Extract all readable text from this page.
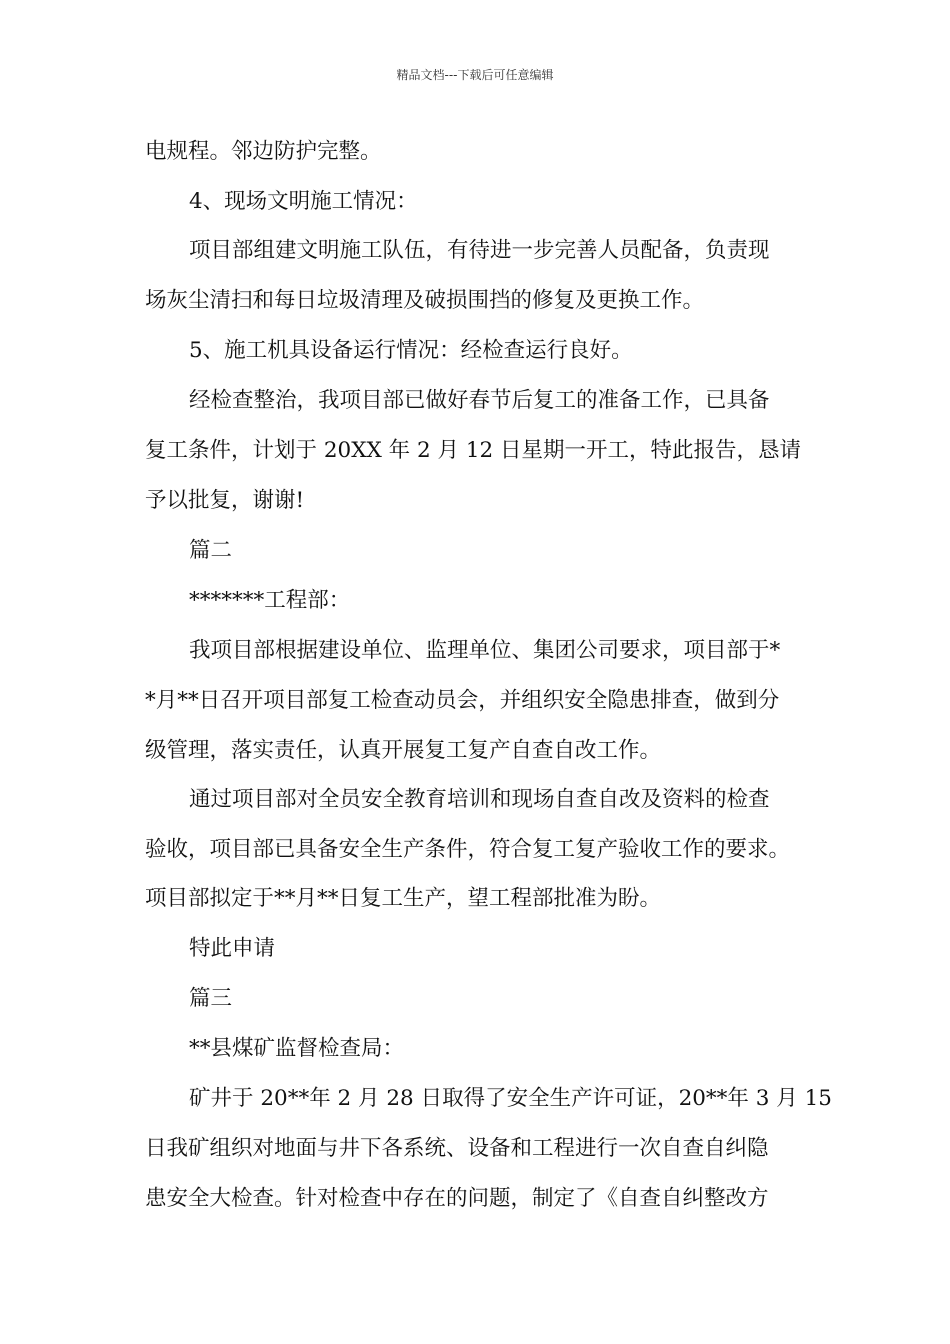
精品文档---下载后可任意编辑
电规程。邻边防护完整。
4、现场文明施工情况：
项目部组建文明施工队伍，有待进一步完善人员配备，负责现
场灰尘清扫和每日垃圾清理及破损围挡的修复及更换工作。
5、施工机具设备运行情况：经检查运行良好。
经检查整治，我项目部已做好春节后复工的准备工作，已具备
复工条件，计划于 20XX 年 2 月 12 日星期一开工，特此报告，恳请
予以批复，谢谢!
篇二
*******工程部：
我项目部根据建设单位、监理单位、集团公司要求，项目部于*
*月**日召开项目部复工检查动员会，并组织安全隐患排查，做到分
级管理，落实责任，认真开展复工复产自查自改工作。
通过项目部对全员安全教育培训和现场自查自改及资料的检查
验收，项目部已具备安全生产条件，符合复工复产验收工作的要求。
项目部拟定于**月**日复工生产，望工程部批准为盼。
特此申请
篇三
**县煤矿监督检查局：
矿井于 20**年 2 月 28 日取得了安全生产许可证，20**年 3 月 15
日我矿组织对地面与井下各系统、设备和工程进行一次自查自纠隐
患安全大检查。针对检查中存在的问题，制定了《自查自纠整改方
